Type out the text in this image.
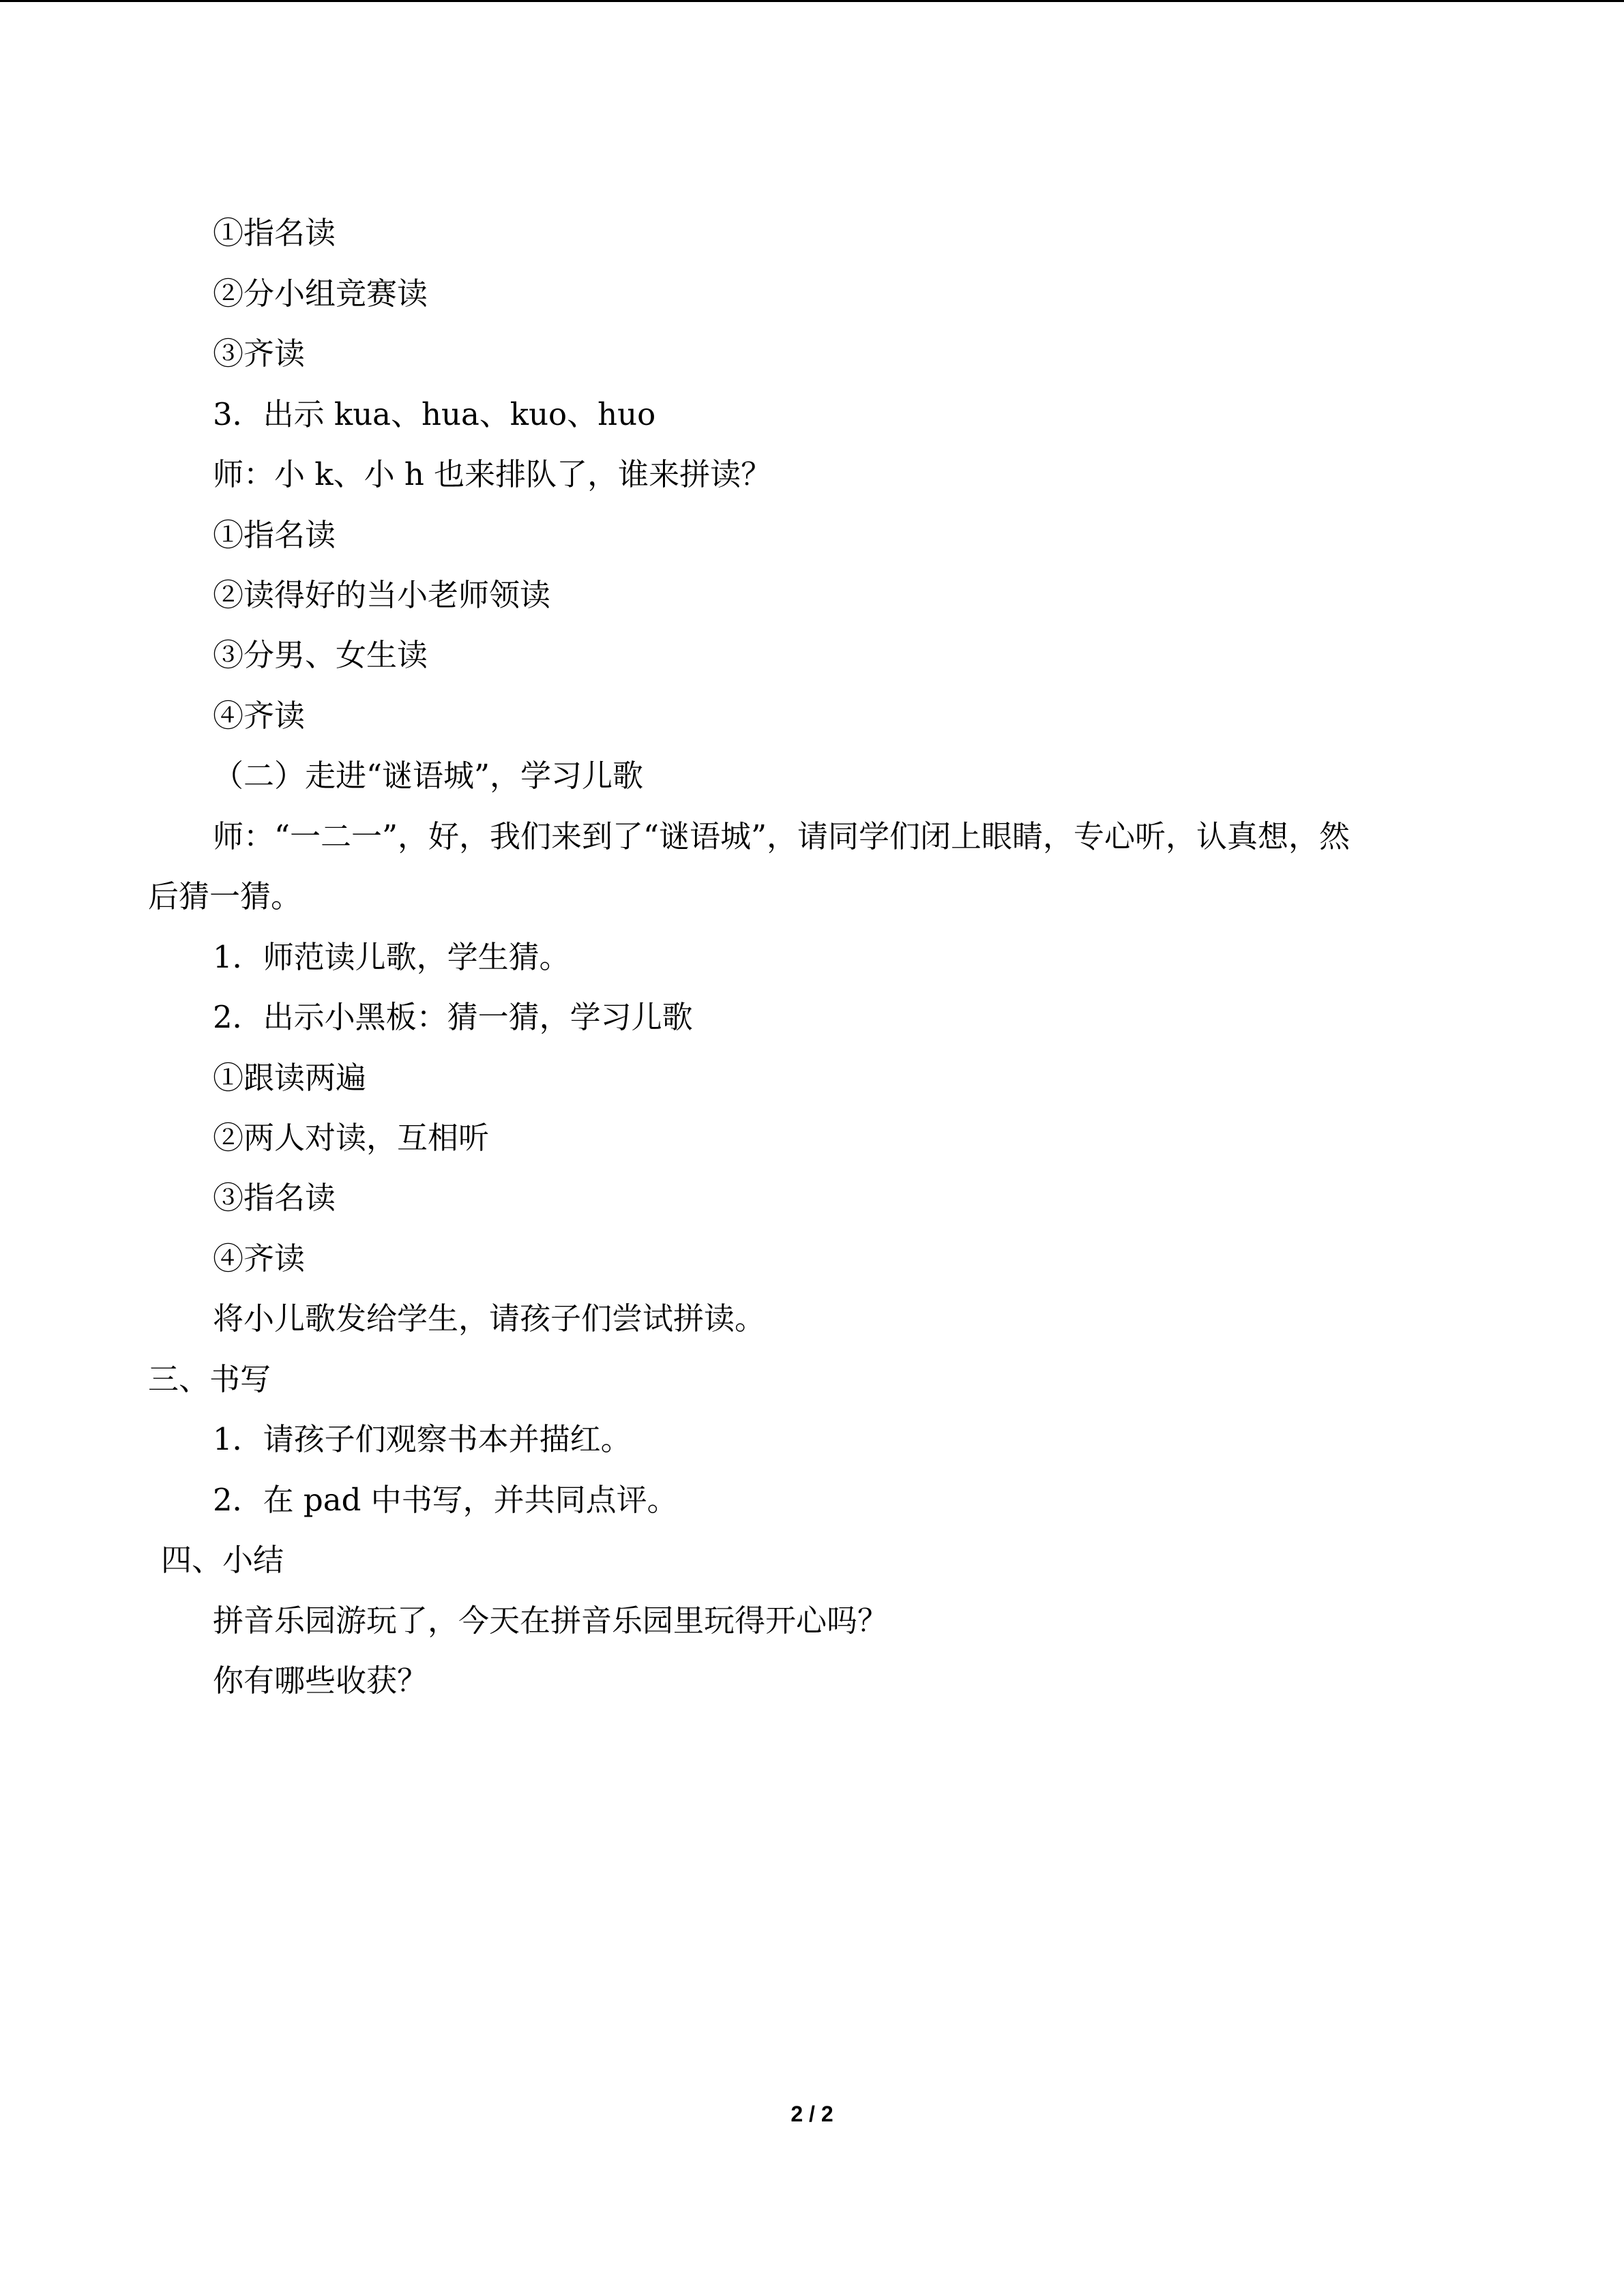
①指名读
②分小组竞赛读
③齐读
3．出示 kua、hua、kuo、huo
师：小 k、小 h 也来排队了，谁来拼读？
①指名读
②读得好的当小老师领读
③分男、女生读
④齐读
（二）走进“谜语城”，学习儿歌
师：“一二一”，好，我们来到了“谜语城”，请同学们闭上眼睛，专心听，认真想，然
后猜一猜。
1．师范读儿歌，学生猜。
2．出示小黑板：猜一猜，学习儿歌
①跟读两遍
②两人对读，互相听
③指名读
④齐读
将小儿歌发给学生，请孩子们尝试拼读。
三、书写
1．请孩子们观察书本并描红。
2．在 pad 中书写，并共同点评。
四、小结
拼音乐园游玩了，今天在拼音乐园里玩得开心吗？
你有哪些收获？
2 / 2
